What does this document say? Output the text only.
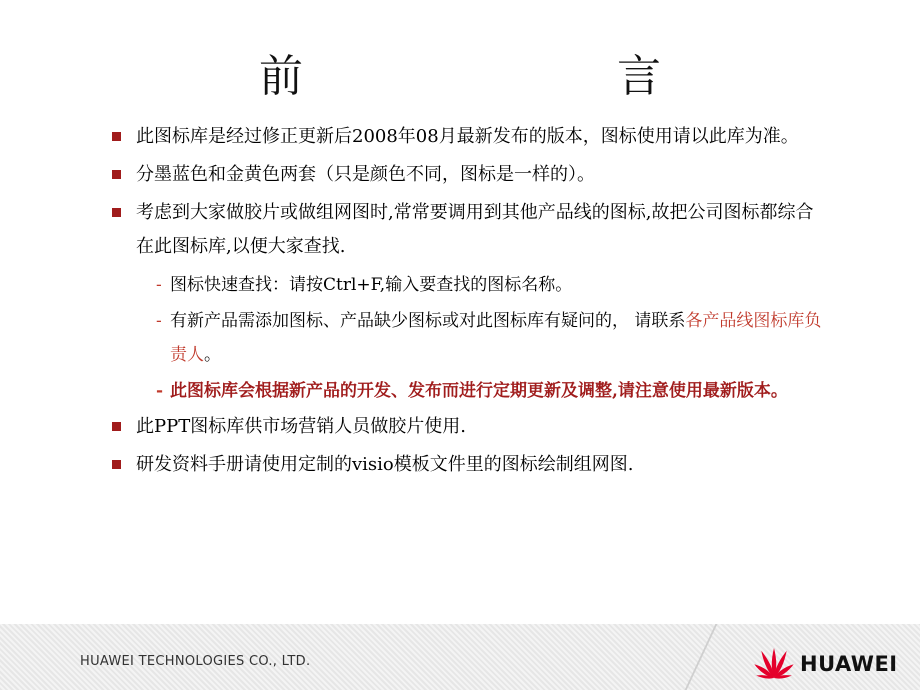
前 言
此图标库是经过修正更新后2008年08月最新发布的版本，图标使用请以此库为准。
分墨蓝色和金黄色两套（只是颜色不同，图标是一样的）。
考虑到大家做胶片或做组网图时,常常要调用到其他产品线的图标,故把公司图标都综合在此图标库,以便大家查找.
- 图标快速查找：请按Ctrl+F,输入要查找的图标名称。
- 有新产品需添加图标、产品缺少图标或对此图标库有疑问的， 请联系各产品线图标库负责人。
- 此图标库会根据新产品的开发、发布而进行定期更新及调整,请注意使用最新版本。
此PPT图标库供市场营销人员做胶片使用.
研发资料手册请使用定制的visio模板文件里的图标绘制组网图.
HUAWEI TECHNOLOGIES CO., LTD.	HUAWEI
